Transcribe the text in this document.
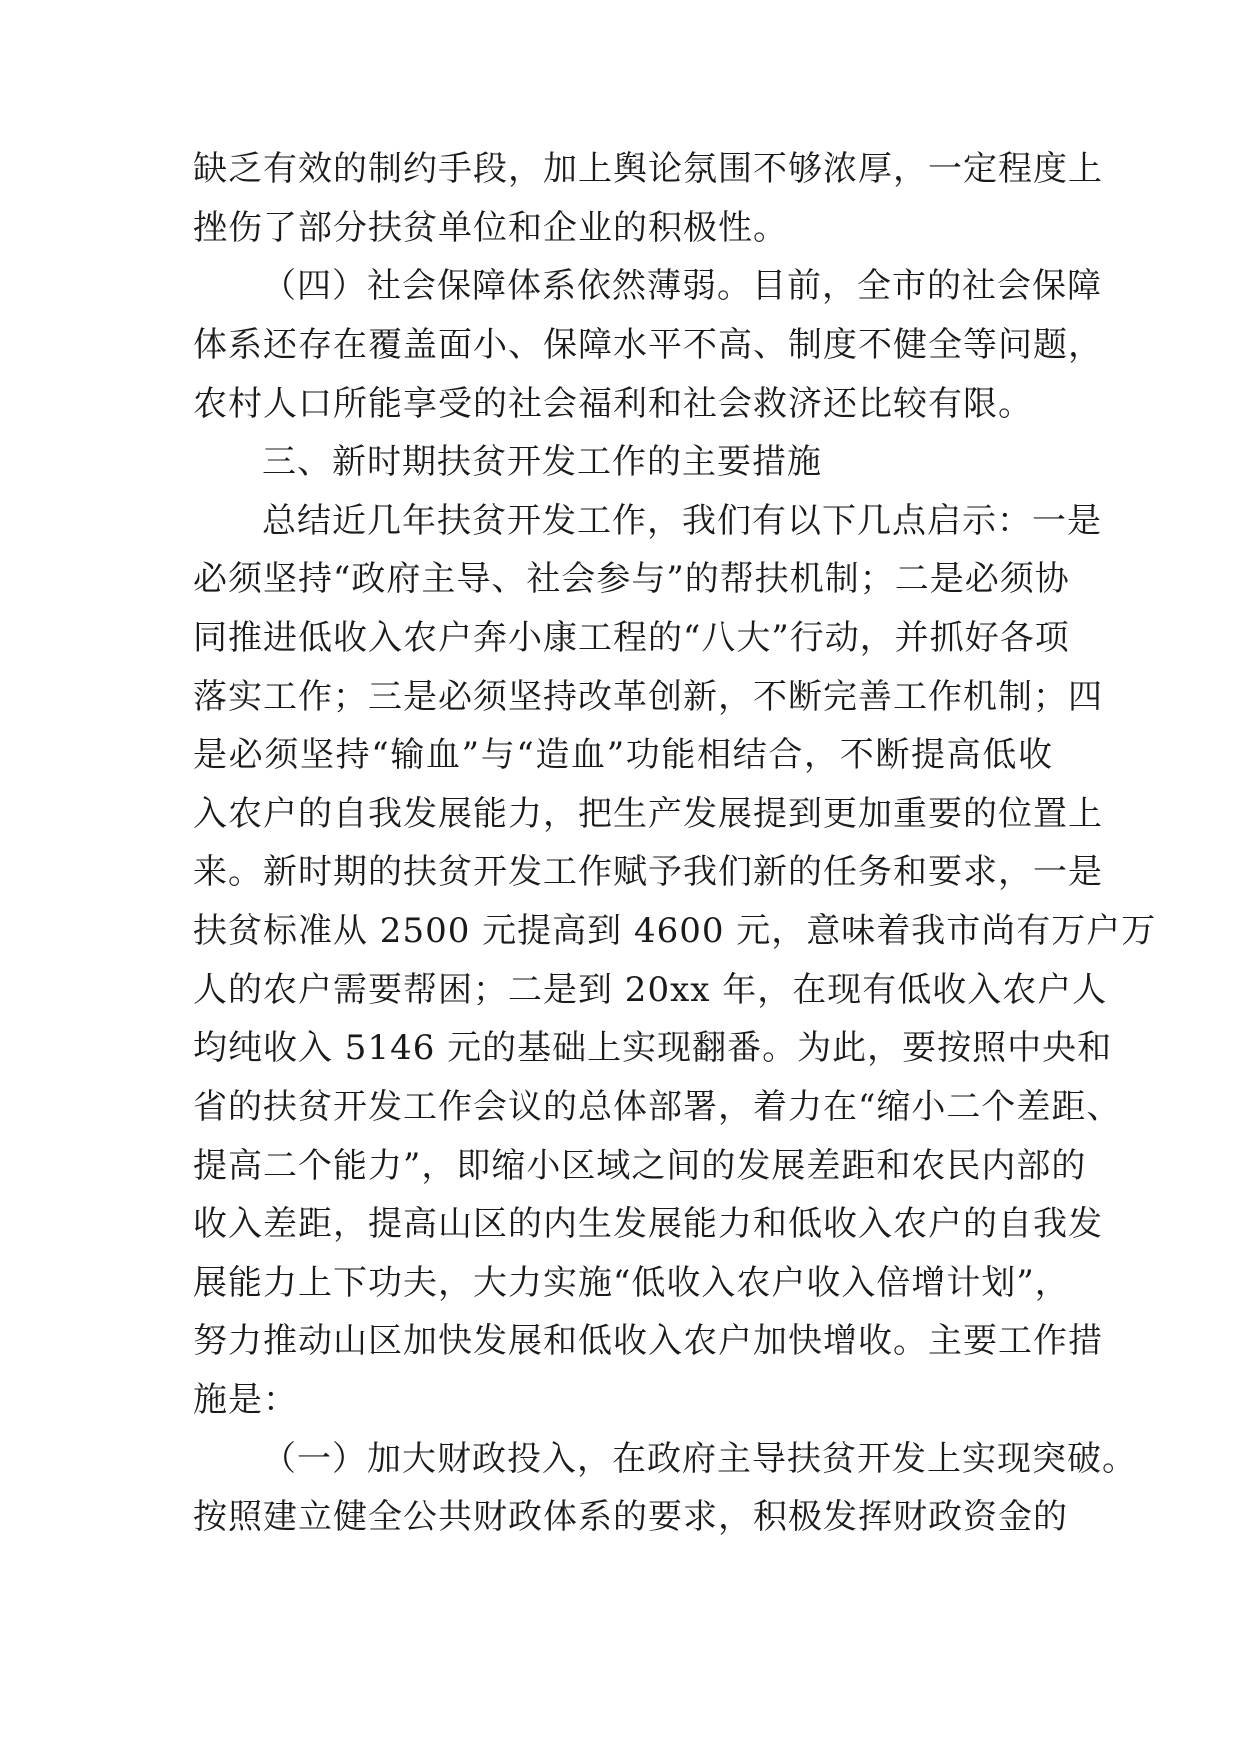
缺乏有效的制约手段，加上舆论氛围不够浓厚，一定程度上
挫伤了部分扶贫单位和企业的积极性。
（四）社会保障体系依然薄弱。目前，全市的社会保障
体系还存在覆盖面小、保障水平不高、制度不健全等问题，
农村人口所能享受的社会福利和社会救济还比较有限。
三、新时期扶贫开发工作的主要措施
总结近几年扶贫开发工作，我们有以下几点启示：一是
必须坚持“政府主导、社会参与”的帮扶机制；二是必须协
同推进低收入农户奔小康工程的“八大”行动，并抓好各项
落实工作；三是必须坚持改革创新，不断完善工作机制；四
是必须坚持“输血”与“造血”功能相结合，不断提高低收
入农户的自我发展能力，把生产发展提到更加重要的位置上
来。新时期的扶贫开发工作赋予我们新的任务和要求，一是
扶贫标准从 2500 元提高到 4600 元，意味着我市尚有万户万
人的农户需要帮困；二是到 20xx 年，在现有低收入农户人
均纯收入 5146 元的基础上实现翻番。为此，要按照中央和
省的扶贫开发工作会议的总体部署，着力在“缩小二个差距、
提高二个能力”，即缩小区域之间的发展差距和农民内部的
收入差距，提高山区的内生发展能力和低收入农户的自我发
展能力上下功夫，大力实施“低收入农户收入倍增计划”，
努力推动山区加快发展和低收入农户加快增收。主要工作措
施是：
（一）加大财政投入，在政府主导扶贫开发上实现突破。
按照建立健全公共财政体系的要求，积极发挥财政资金的
